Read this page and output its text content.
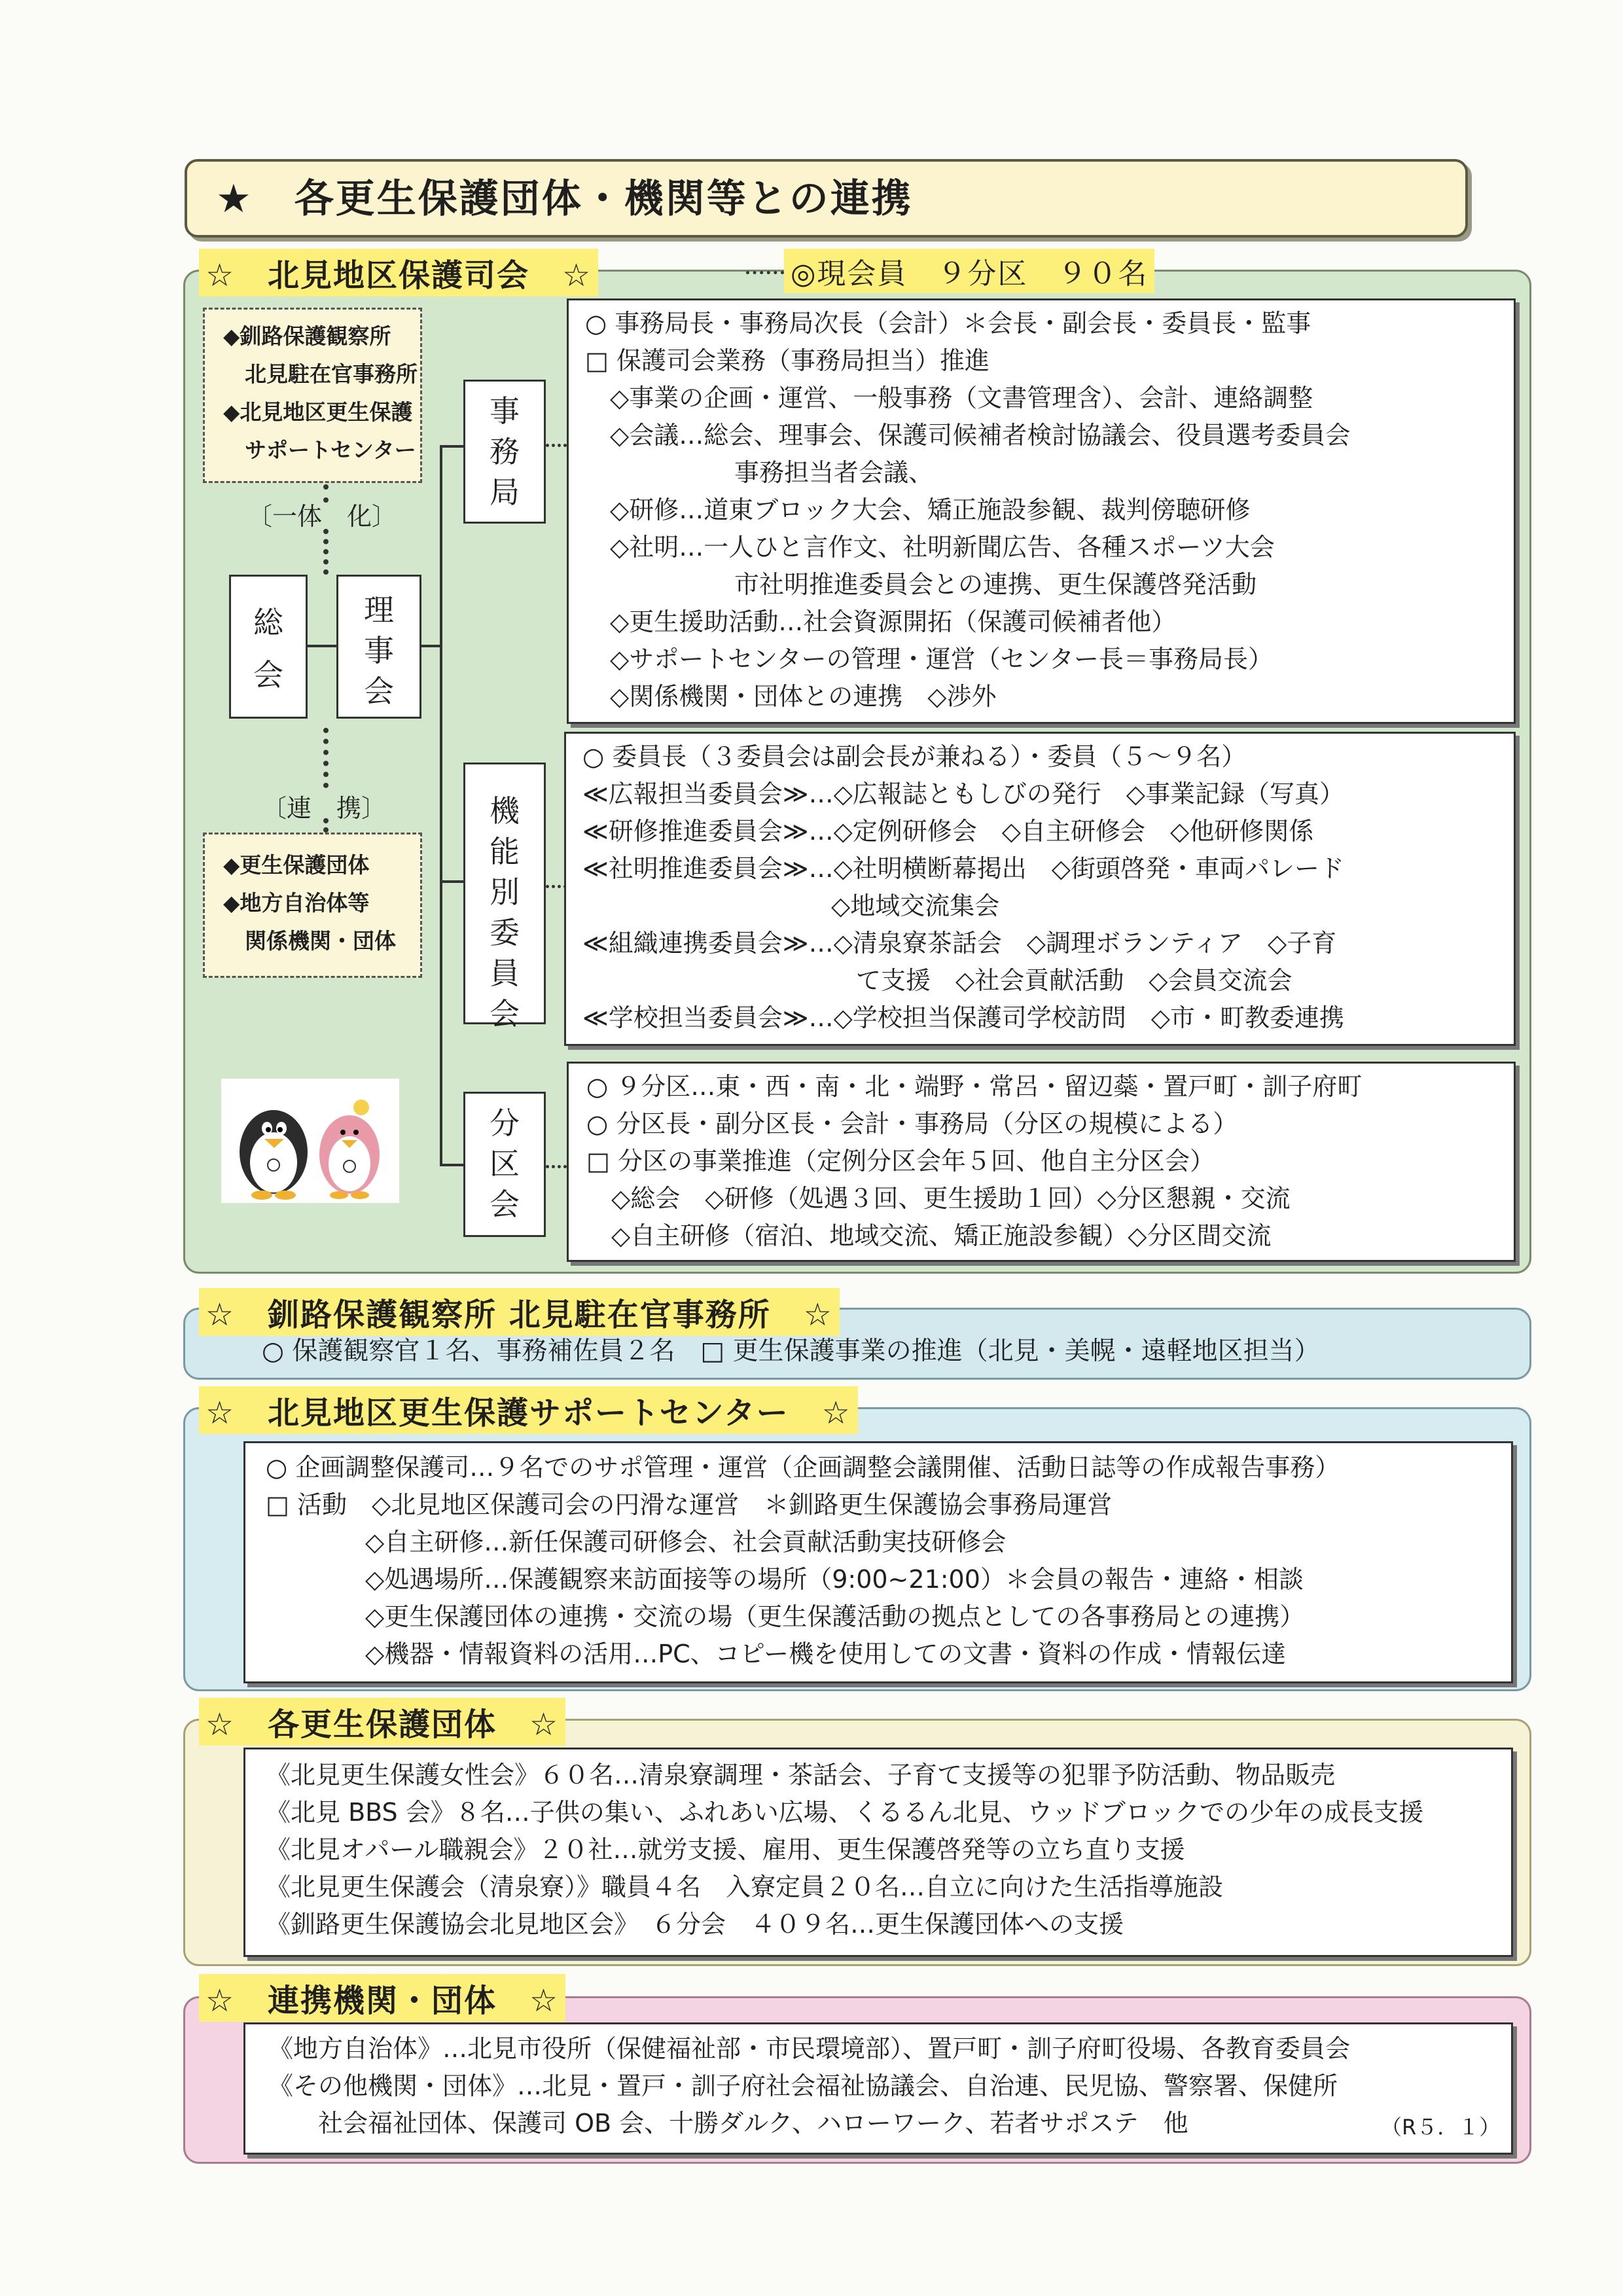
★　各更生保護団体・機関等との連携
☆　北見地区保護司会　☆	◎現会員　９分区　９０名
◆釧路保護観察所
　北見駐在官事務所
◆北見地区更生保護
　サポートセンター
〔一体　化〕
総会
理事会
〔連　携〕
◆更生保護団体
◆地方自治体等
　関係機関・団体
事務局
機能別委員会
分区会
○ 事務局長・事務局次長（会計）＊会長・副会長・委員長・監事
□ 保護司会業務（事務局担当）推進
　◇事業の企画・運営、一般事務（文書管理含）、会計、連絡調整
　◇会議…総会、理事会、保護司候補者検討協議会、役員選考委員会
　　　　　　事務担当者会議、
　◇研修…道東ブロック大会、矯正施設参観、裁判傍聴研修
　◇社明…一人ひと言作文、社明新聞広告、各種スポーツ大会
　　　　　　市社明推進委員会との連携、更生保護啓発活動
　◇更生援助活動…社会資源開拓（保護司候補者他）
　◇サポートセンターの管理・運営（センター長＝事務局長）
　◇関係機関・団体との連携　◇渉外
○ 委員長（３委員会は副会長が兼ねる）・委員（５～９名）
≪広報担当委員会≫…◇広報誌ともしびの発行　◇事業記録（写真）
≪研修推進委員会≫…◇定例研修会　◇自主研修会　◇他研修関係
≪社明推進委員会≫…◇社明横断幕掲出　◇街頭啓発・車両パレード
　　　　　　　　　　◇地域交流集会
≪組織連携委員会≫…◇清泉寮茶話会　◇調理ボランティア　◇子育
　　　　　　　　　　　て支援　◇社会貢献活動　◇会員交流会
≪学校担当委員会≫…◇学校担当保護司学校訪問　◇市・町教委連携
○ ９分区…東・西・南・北・端野・常呂・留辺蘂・置戸町・訓子府町
○ 分区長・副分区長・会計・事務局（分区の規模による）
□ 分区の事業推進（定例分区会年５回、他自主分区会）
　◇総会　◇研修（処遇３回、更生援助１回）◇分区懇親・交流
　◇自主研修（宿泊、地域交流、矯正施設参観）◇分区間交流
☆　釧路保護観察所 北見駐在官事務所　☆
○ 保護観察官１名、事務補佐員２名　□ 更生保護事業の推進（北見・美幌・遠軽地区担当）
☆　北見地区更生保護サポートセンター　☆
○ 企画調整保護司…９名でのサポ管理・運営（企画調整会議開催、活動日誌等の作成報告事務）
□ 活動　◇北見地区保護司会の円滑な運営　＊釧路更生保護協会事務局運営
　　　　◇自主研修…新任保護司研修会、社会貢献活動実技研修会
　　　　◇処遇場所…保護観察来訪面接等の場所（9:00~21:00）＊会員の報告・連絡・相談
　　　　◇更生保護団体の連携・交流の場（更生保護活動の拠点としての各事務局との連携）
　　　　◇機器・情報資料の活用…PC、コピー機を使用しての文書・資料の作成・情報伝達
☆　各更生保護団体　☆
《北見更生保護女性会》６０名…清泉寮調理・茶話会、子育て支援等の犯罪予防活動、物品販売
《北見 BBS 会》８名…子供の集い、ふれあい広場、くるるん北見、ウッドブロックでの少年の成長支援
《北見オパール職親会》２０社…就労支援、雇用、更生保護啓発等の立ち直り支援
《北見更生保護会（清泉寮）》職員４名　入寮定員２０名…自立に向けた生活指導施設
《釧路更生保護協会北見地区会》　６分会　４０９名…更生保護団体への支援
☆　連携機関・団体　☆
《地方自治体》…北見市役所（保健福祉部・市民環境部）、置戸町・訓子府町役場、各教育委員会
《その他機関・団体》…北見・置戸・訓子府社会福祉協議会、自治連、民児協、警察署、保健所
　　社会福祉団体、保護司 OB 会、十勝ダルク、ハローワーク、若者サポステ　他	（R５．１）
